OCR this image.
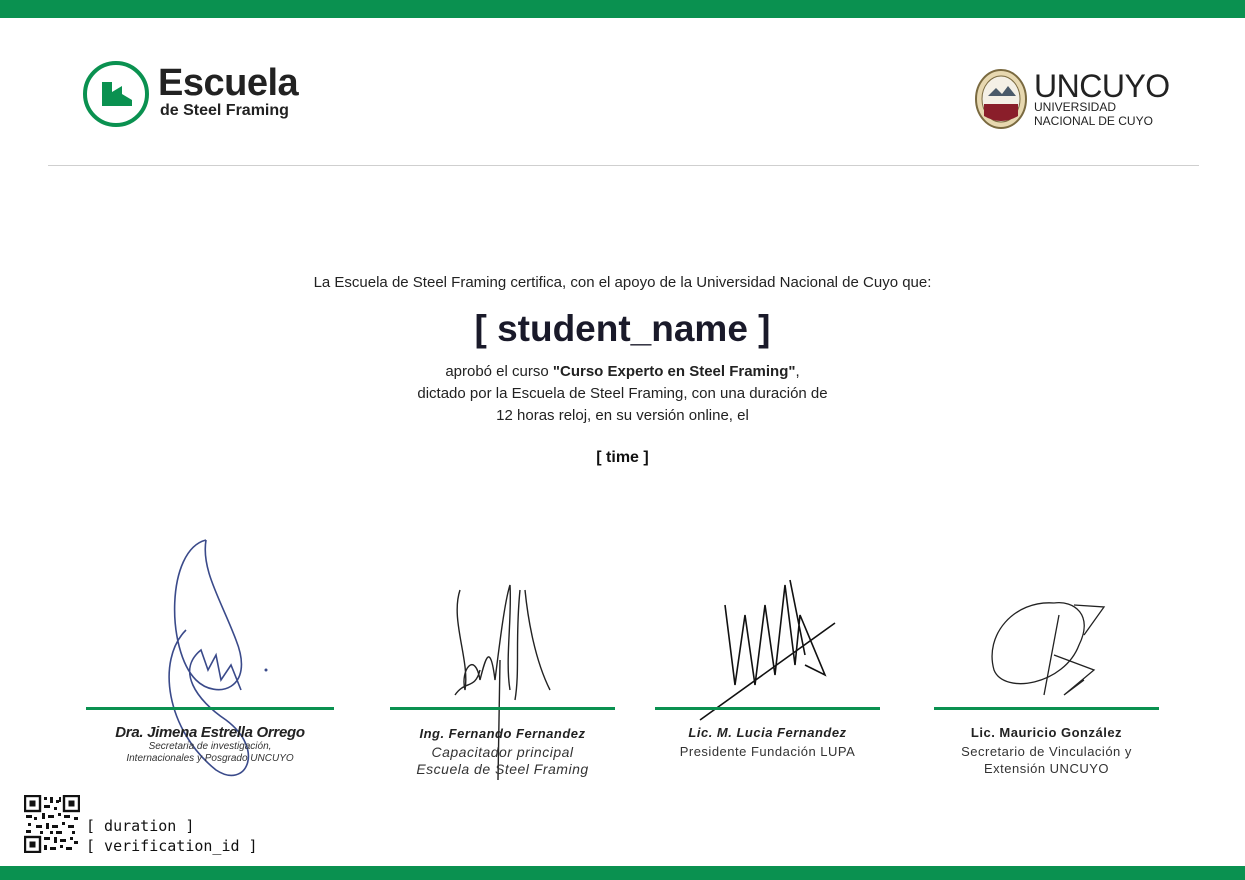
Escuela
de Steel Framing
UNCUYO
UNIVERSIDAD
NACIONAL DE CUYO
La Escuela de Steel Framing certifica, con el apoyo de la Universidad Nacional de Cuyo que:
[ student_name ]
aprobó el curso "Curso Experto en Steel Framing",
dictado por la Escuela de Steel Framing, con una duración de
12 horas reloj, en su versión online, el
[ time ]
Dra. Jimena Estrella Orrego
Secretaria de investigación,
Internacionales y Posgrado UNCUYO
Ing. Fernando Fernandez
Capacitador principal
Escuela de Steel Framing
Lic. M. Lucia Fernandez
Presidente Fundación LUPA
Lic. Mauricio González
Secretario de Vinculación y
Extensión UNCUYO
[ duration ]
[ verification_id ]
